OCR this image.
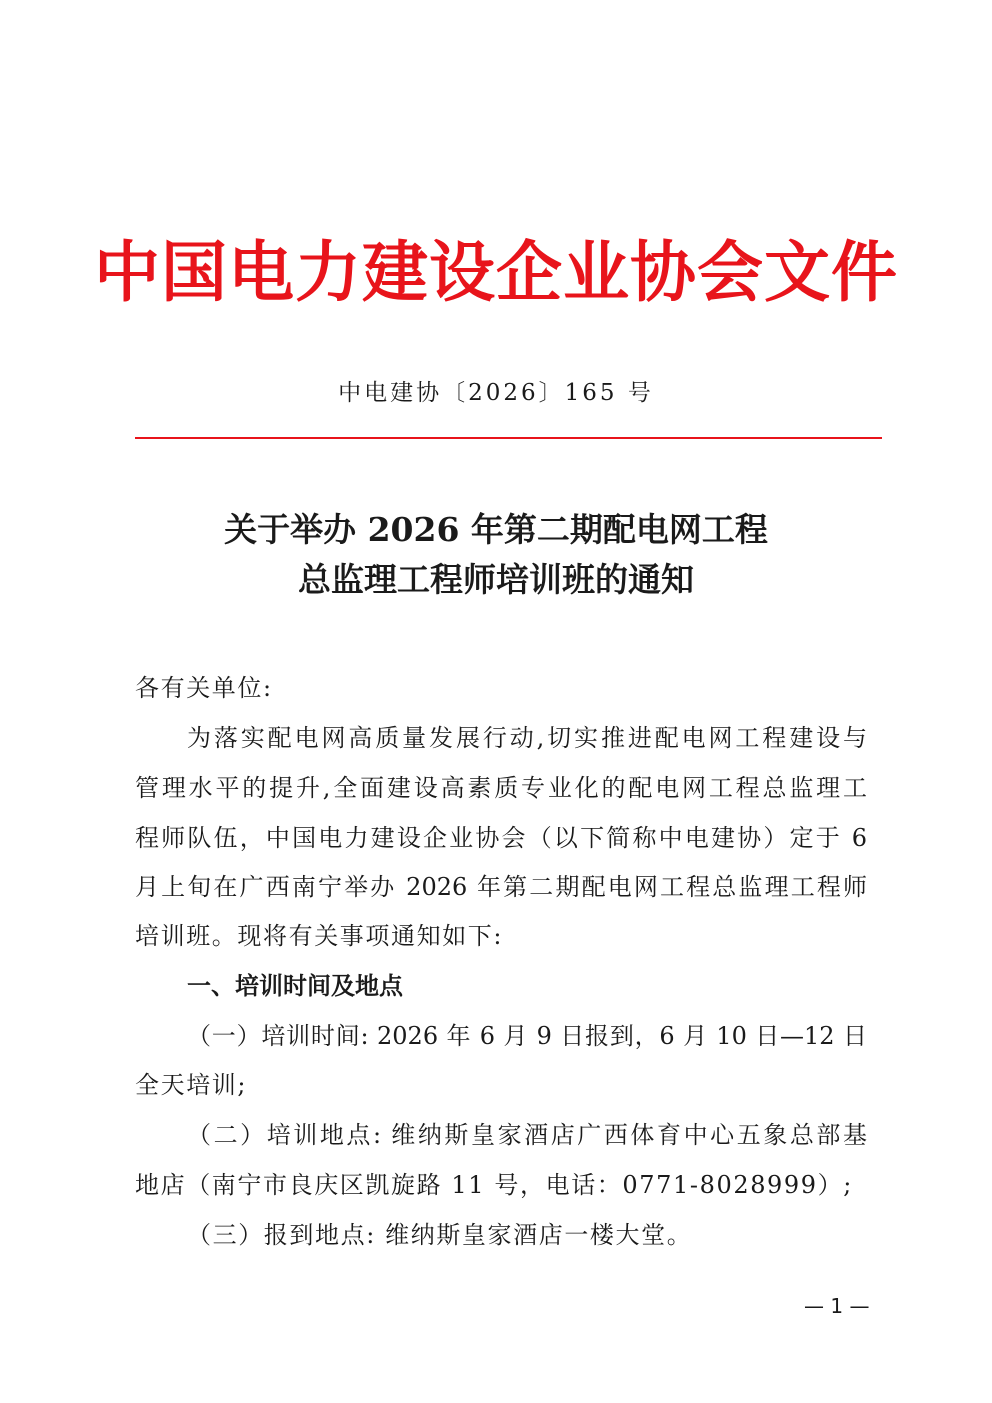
中国电力建设企业协会文件
中电建协〔2026〕165 号
关于举办 2026 年第二期配电网工程
总监理工程师培训班的通知
各有关单位:
为落实配电网高质量发展行动,切实推进配电网工程建设与
管理水平的提升,全面建设高素质专业化的配电网工程总监理工
程师队伍，中国电力建设企业协会（以下简称中电建协）定于 6
月上旬在广西南宁举办 2026 年第二期配电网工程总监理工程师
培训班。现将有关事项通知如下:
一、培训时间及地点
（一）培训时间: 2026 年 6 月 9 日报到，6 月 10 日—12 日
全天培训;
（二）培训地点: 维纳斯皇家酒店广西体育中心五象总部基
地店（南宁市良庆区凯旋路 11 号，电话：0771-8028999）;
（三）报到地点: 维纳斯皇家酒店一楼大堂。
— 1 —
